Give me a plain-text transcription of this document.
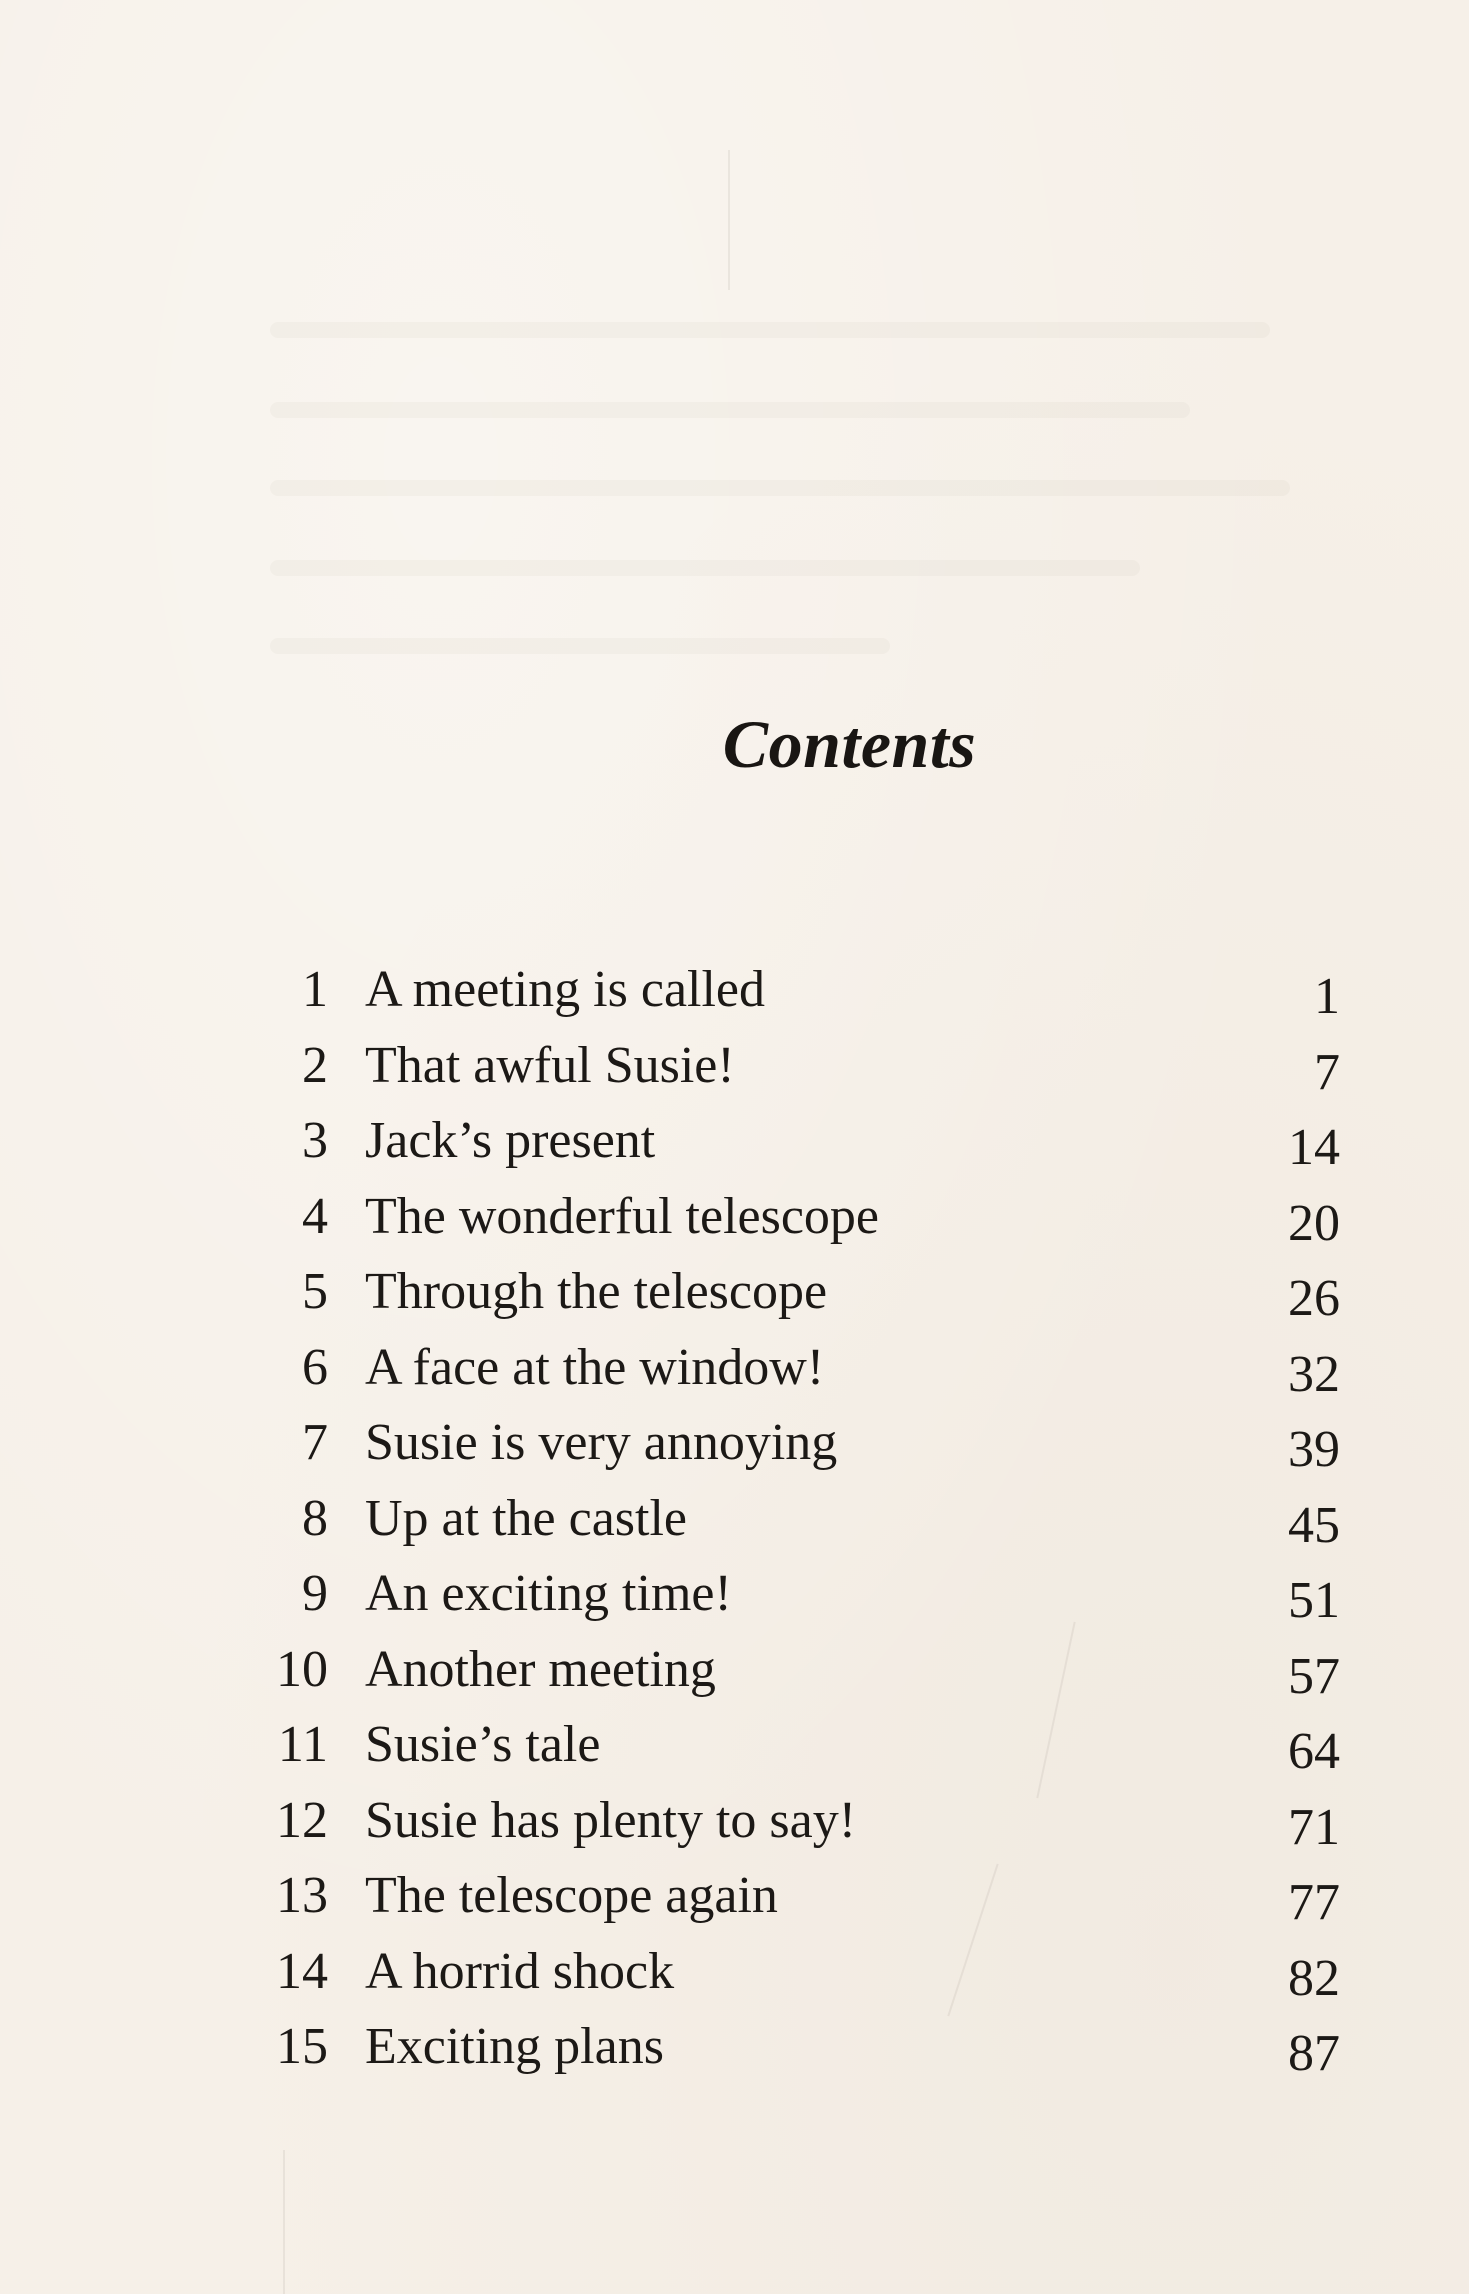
Contents
1 A meeting is called	1
2 That awful Susie!	7
3 Jack’s present	14
4 The wonderful telescope	20
5 Through the telescope	26
6 A face at the window!	32
7 Susie is very annoying	39
8 Up at the castle	45
9 An exciting time!	51
10 Another meeting	57
11 Susie’s tale	64
12 Susie has plenty to say!	71
13 The telescope again	77
14 A horrid shock	82
15 Exciting plans	87
